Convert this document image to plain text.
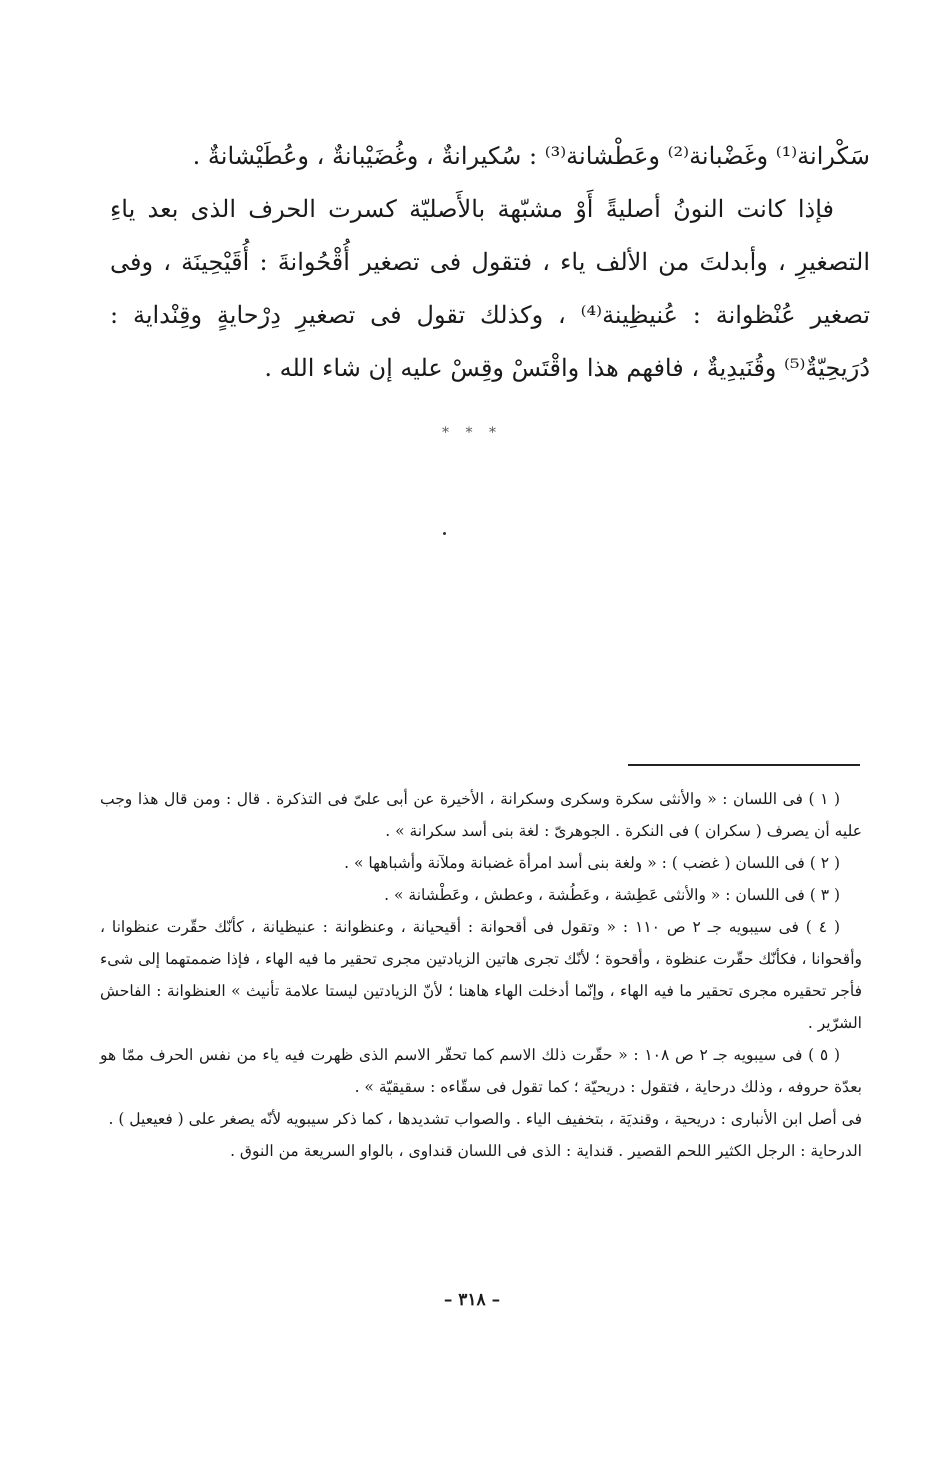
سَكْرانة⁽¹⁾ وغَضْبانة⁽²⁾ وعَطْشانة⁽³⁾ : سُكيرانةٌ ، وغُضَيْبانةٌ ، وعُطَيْشانةٌ .

فإذا كانت النونُ أصليةً أَوْ مشبّهة بالأَصليّة كسرت الحرف الذى بعد ياءِ التصغيرِ ، وأبدلتَ من الألف ياء ، فتقول فى تصغير أُقْحُوانةَ : أُقَيْحِينَة ، وفى تصغير عُنْظوانة : عُنيظِينة⁽⁴⁾ ، وكذلك تقول فى تصغيرِ دِرْحايةٍ وقِنْداية : دُرَيحِيّةٌ⁽⁵⁾ وقُنَيدِيةٌ ، فافهم هذا واقْتَسْ وقِسْ عليه إن شاء الله .

* * *

( ١ ) فى اللسان : « والأنثى سكرة وسكرى وسكرانة ، الأخيرة عن أبى علىّ فى التذكرة . قال : ومن قال هذا وجب عليه أن يصرف ( سكران ) فى النكرة . الجوهرىّ : لغة بنى أسد سكرانة » .

( ٢ ) فى اللسان ( غضب ) : « ولغة بنى أسد امرأة غضبانة وملآنة وأشباهها » .

( ٣ ) فى اللسان : « والأنثى عَطِشة ، وعَطُشة ، وعطش ، وعَطْشانة » .

( ٤ ) فى سيبويه جـ ٢ ص ١١٠ : « وتقول فى أقحوانة : أقيحيانة ، وعنظوانة : عنيظيانة ، كأنّك حقّرت عنظوانا ، وأقحوانا ، فكأنّك حقّرت عنظوة ، وأقحوة ؛ لأنّك تجرى هاتين الزيادتين مجرى تحقير ما فيه الهاء ، فإذا ضممتهما إلى شىء فأجر تحقيره مجرى تحقير ما فيه الهاء ، وإنّما أدخلت الهاء هاهنا ؛ لأنّ الزيادتين ليستا علامة تأنيث » العنظوانة : الفاحش الشرّير .

( ٥ ) فى سيبويه جـ ٢ ص ١٠٨ : « حقّرت ذلك الاسم كما تحقّر الاسم الذى ظهرت فيه ياء من نفس الحرف ممّا هو بعدّة حروفه ، وذلك درحاية ، فتقول : دريحيّة ؛ كما تقول فى سقّاءه : سقيقيّة » .

فى أصل ابن الأنبارى : دريحية ، وقنديَة ، بتخفيف الياء . والصواب تشديدها ، كما ذكر سيبويه لأنّه يصغر على ( فعيعيل ) .

الدرحاية : الرجل الكثير اللحم القصير . قنداية : الذى فى اللسان قنداوى ، بالواو السريعة من النوق .

– ٣١٨ –
